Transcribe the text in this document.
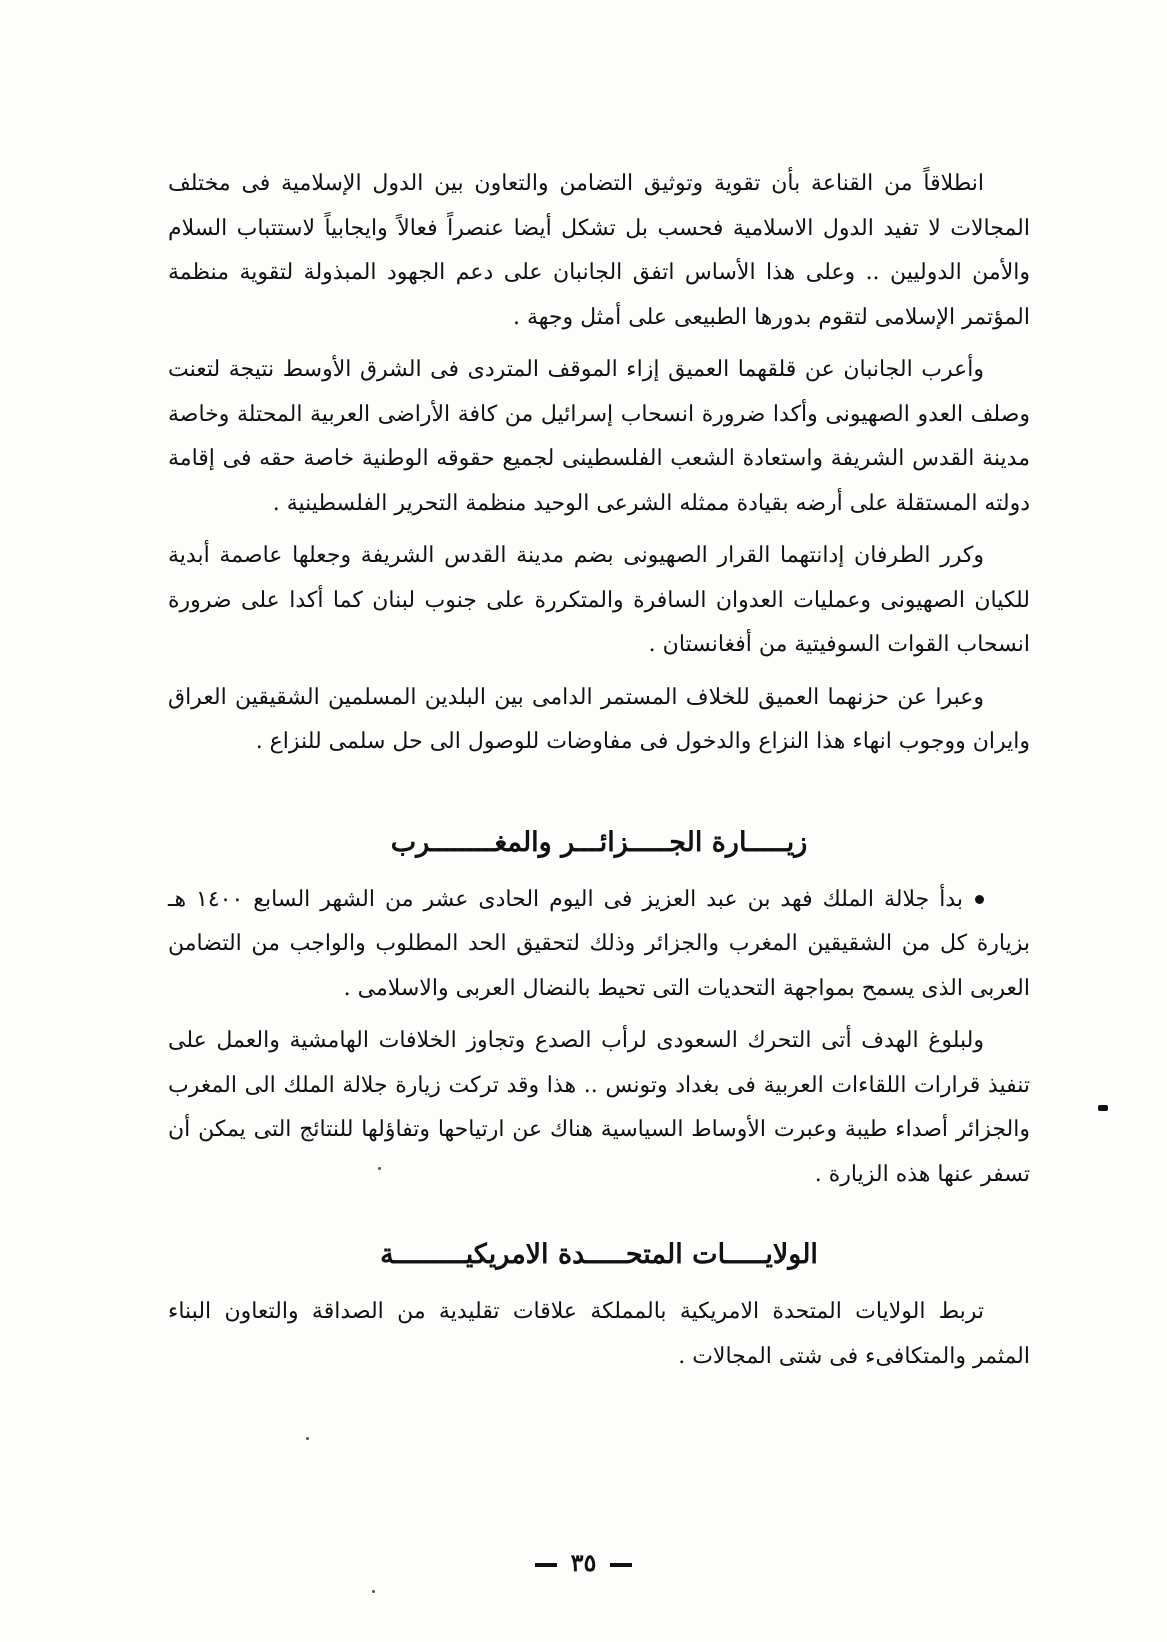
انطلاقاً من القناعة بأن تقوية وتوثيق التضامن والتعاون بين الدول الإسلامية فى مختلف المجالات لا تفيد الدول الاسلامية فحسب بل تشكل أيضا عنصراً فعالاً وايجابياً لاستتباب السلام والأمن الدوليين .. وعلى هذا الأساس اتفق الجانبان على دعم الجهود المبذولة لتقوية منظمة المؤتمر الإسلامى لتقوم بدورها الطبيعى على أمثل وجهة .

وأعرب الجانبان عن قلقهما العميق إزاء الموقف المتردى فى الشرق الأوسط نتيجة لتعنت وصلف العدو الصهيونى وأكدا ضرورة انسحاب إسرائيل من كافة الأراضى العربية المحتلة وخاصة مدينة القدس الشريفة واستعادة الشعب الفلسطينى لجميع حقوقه الوطنية خاصة حقه فى إقامة دولته المستقلة على أرضه بقيادة ممثله الشرعى الوحيد منظمة التحرير الفلسطينية .

وكرر الطرفان إدانتهما القرار الصهيونى بضم مدينة القدس الشريفة وجعلها عاصمة أبدية للكيان الصهيونى وعمليات العدوان السافرة والمتكررة على جنوب لبنان كما أكدا على ضرورة انسحاب القوات السوفيتية من أفغانستان .

وعبرا عن حزنهما العميق للخلاف المستمر الدامى بين البلدين المسلمين الشقيقين العراق وايران ووجوب انهاء هذا النزاع والدخول فى مفاوضات للوصول الى حل سلمى للنزاع .

زيـــــارة الجـــــزائـــر والمغــــــــرب

بدأ جلالة الملك فهد بن عبد العزيز فى اليوم الحادى عشر من الشهر السابع ١٤٠٠ هـ بزيارة كل من الشقيقين المغرب والجزائر وذلك لتحقيق الحد المطلوب والواجب من التضامن العربى الذى يسمح بمواجهة التحديات التى تحيط بالنضال العربى والاسلامى .

ولبلوغ الهدف أتى التحرك السعودى لرأب الصدع وتجاوز الخلافات الهامشية والعمل على تنفيذ قرارات اللقاءات العربية فى بغداد وتونس .. هذا وقد تركت زيارة جلالة الملك الى المغرب والجزائر أصداء طيبة وعبرت الأوساط السياسية هناك عن ارتياحها وتفاؤلها للنتائج التى يمكن أن تسفر عنها هذه الزيارة .

الولايـــــات المتحـــــدة الامريكيـــــــــة

تربط الولايات المتحدة الامريكية بالمملكة علاقات تقليدية من الصداقة والتعاون البناء المثمر والمتكافىء فى شتى المجالات .

٣٥
